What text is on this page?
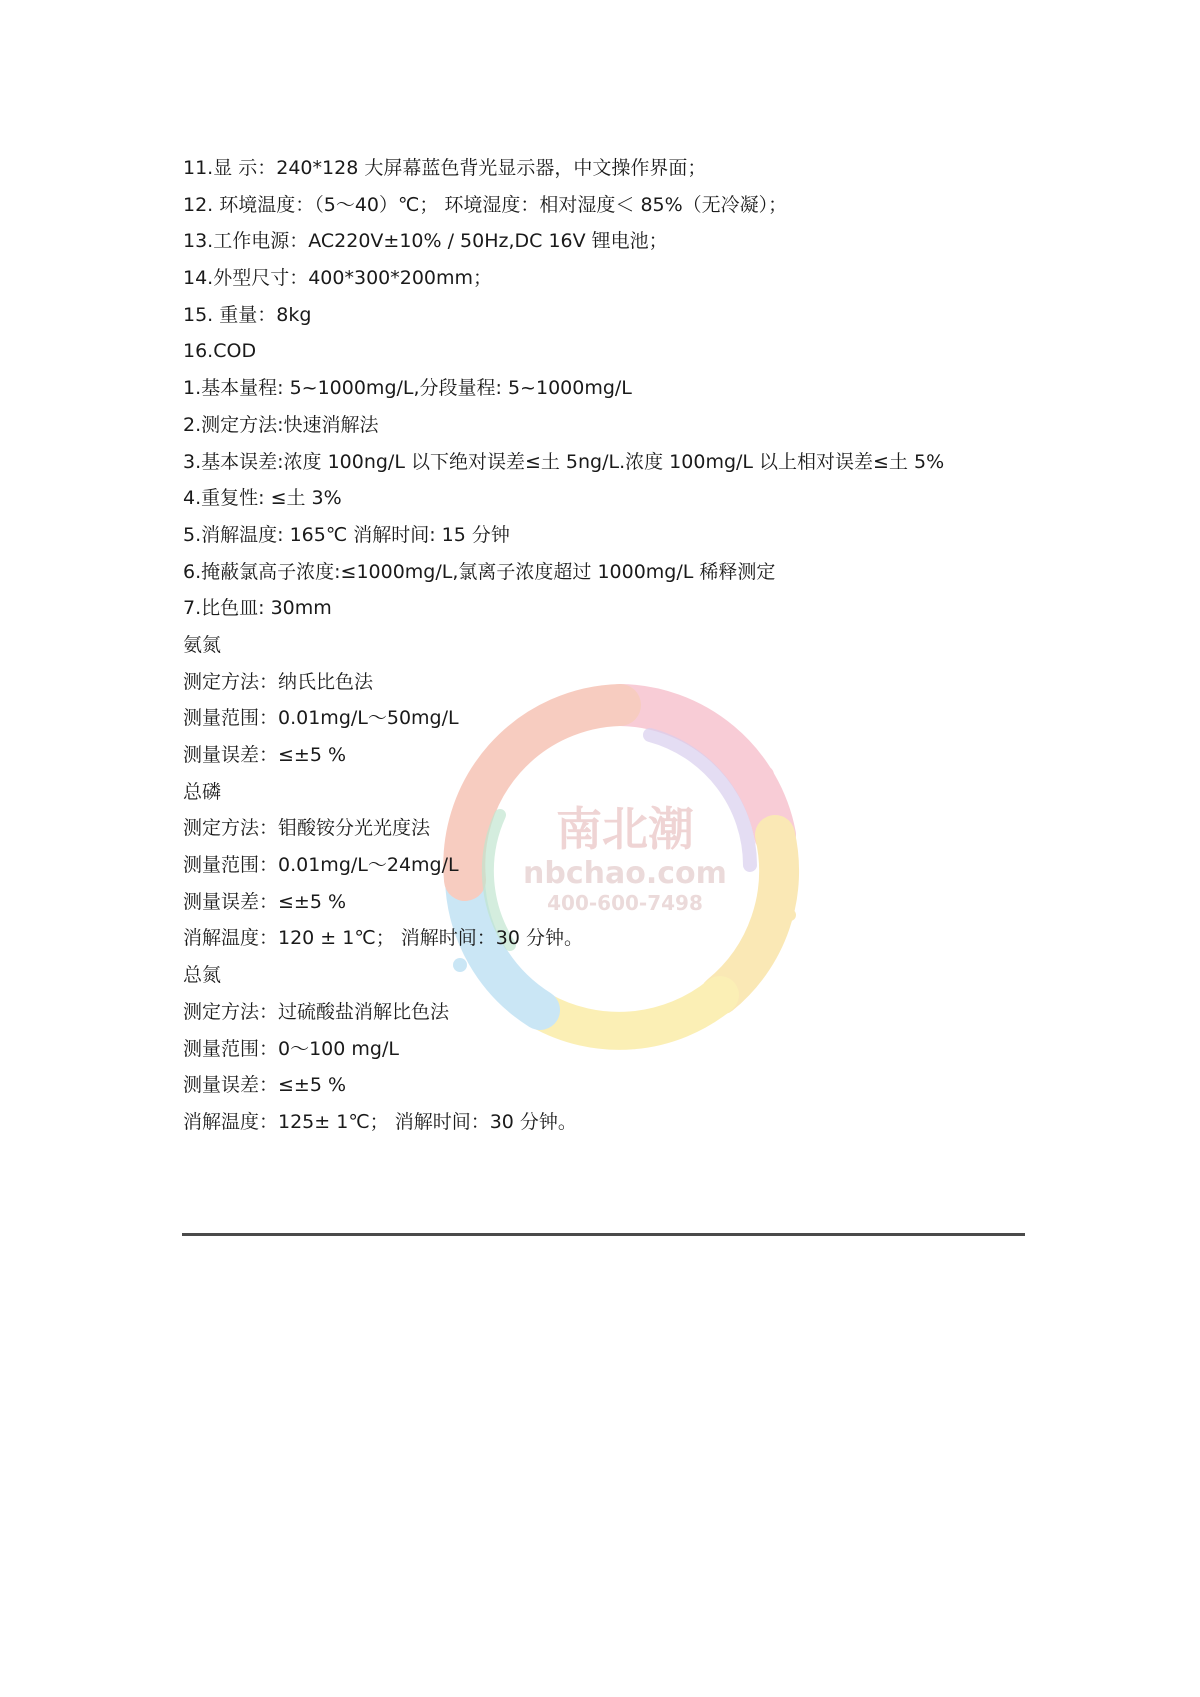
11.显 示：240*128 大屏幕蓝色背光显示器，中文操作界面；
12. 环境温度：（5～40）℃； 环境湿度：相对湿度＜ 85%（无冷凝）；
13.工作电源：AC220V±10% / 50Hz,DC 16V 锂电池；
14.外型尺寸：400*300*200mm；
15. 重量：8kg
16.COD
1.基本量程: 5~1000mg/L,分段量程: 5~1000mg/L
2.测定方法:快速消解法
3.基本误差:浓度 100ng/L 以下绝对误差≤土 5ng/L.浓度 100mg/L 以上相对误差≤土 5%
4.重复性: ≤土 3%
5.消解温度: 165℃ 消解时间: 15 分钟
6.掩蔽氯高子浓度:≤1000mg/L,氯离子浓度超过 1000mg/L 稀释测定
7.比色皿: 30mm
氨氮
测定方法：纳氏比色法
测量范围：0.01mg/L～50mg/L
测量误差：≤±5 %
总磷
测定方法：钼酸铵分光光度法
测量范围：0.01mg/L～24mg/L
测量误差：≤±5 %
消解温度：120 ± 1℃； 消解时间：30 分钟。
总氮
测定方法：过硫酸盐消解比色法
测量范围：0～100 mg/L
测量误差：≤±5 %
消解温度：125± 1℃； 消解时间：30 分钟。
南北潮
nbchao.com
400-600-7498
